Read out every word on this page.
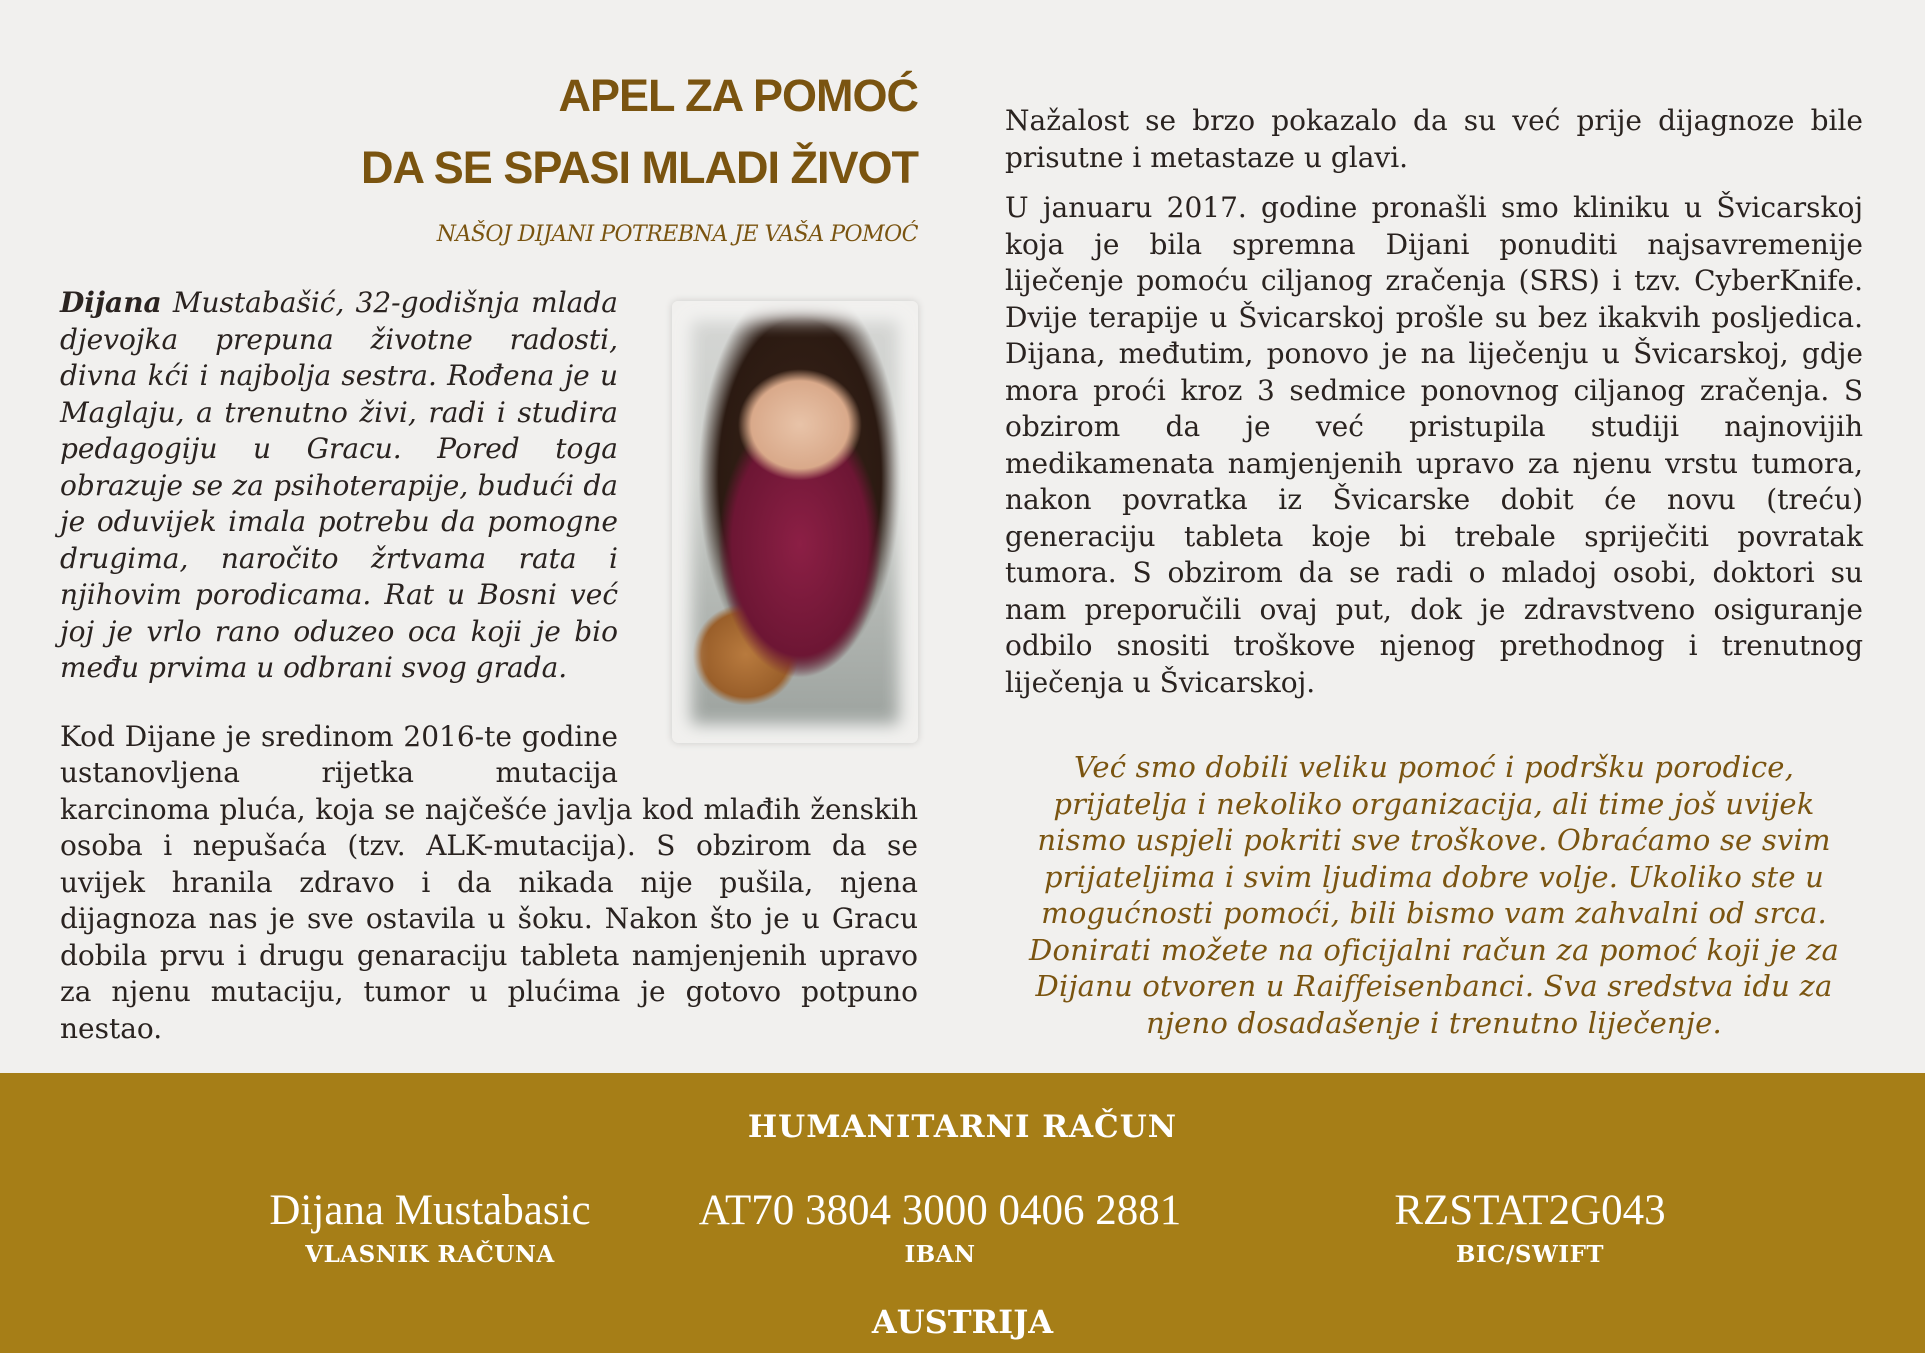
APEL ZA POMOĆ
DA SE SPASI MLADI ŽIVOT

NAŠOJ DIJANI POTREBNA JE VAŠA POMOĆ

Dijana Mustabašić, 32-godišnja mlada djevojka prepuna životne radosti, divna kći i najbolja sestra. Rođena je u Maglaju, a trenutno živi, radi i studira pedagogiju u Gracu. Pored toga obrazuje se za psihoterapije, budući da je oduvijek imala potrebu da pomogne drugima, naročito žrtvama rata i njihovim porodicama. Rat u Bosni već joj je vrlo rano oduzeo oca koji je bio među prvima u odbrani svog grada.

Kod Dijane je sredinom 2016-te godine ustanovljena rijetka mutacija karcinoma pluća, koja se najčešće javlja kod mlađih ženskih osoba i nepušaća (tzv. ALK-mutacija). S obzirom da se uvijek hranila zdravo i da nikada nije pušila, njena dijagnoza nas je sve ostavila u šoku. Nakon što je u Gracu dobila prvu i drugu genaraciju tableta namjenjenih upravo za njenu mutaciju, tumor u plućima je gotovo potpuno nestao.

Nažalost se brzo pokazalo da su već prije dijagnoze bile prisutne i metastaze u glavi.

U januaru 2017. godine pronašli smo kliniku u Švicarskoj koja je bila spremna Dijani ponuditi najsavremenije liječenje pomoću ciljanog zračenja (SRS) i tzv. CyberKnife. Dvije terapije u Švicarskoj prošle su bez ikakvih posljedica. Dijana, međutim, ponovo je na liječenju u Švicarskoj, gdje mora proći kroz 3 sedmice ponovnog ciljanog zračenja. S obzirom da je već pristupila studiji najnovijih medikamenata namjenjenih upravo za njenu vrstu tumora, nakon povratka iz Švicarske dobit će novu (treću) generaciju tableta koje bi trebale spriječiti povratak tumora. S obzirom da se radi o mladoj osobi, doktori su nam preporučili ovaj put, dok je zdravstveno osiguranje odbilo snositi troškove njenog prethodnog i trenutnog liječenja u Švicarskoj.

Već smo dobili veliku pomoć i podršku porodice, prijatelja i nekoliko organizacija, ali time još uvijek nismo uspjeli pokriti sve troškove. Obraćamo se svim prijateljima i svim ljudima dobre volje. Ukoliko ste u mogućnosti pomoći, bili bismo vam zahvalni od srca. Donirati možete na oficijalni račun za pomoć koji je za Dijanu otvoren u Raiffeisenbanci. Sva sredstva idu za njeno dosadašenje i trenutno liječenje.
HUMANITARNI RAČUN
Dijana Mustabasic
VLASNIK RAČUNA
AT70 3804 3000 0406 2881
IBAN
RZSTAT2G043
BIC/SWIFT
AUSTRIJA
